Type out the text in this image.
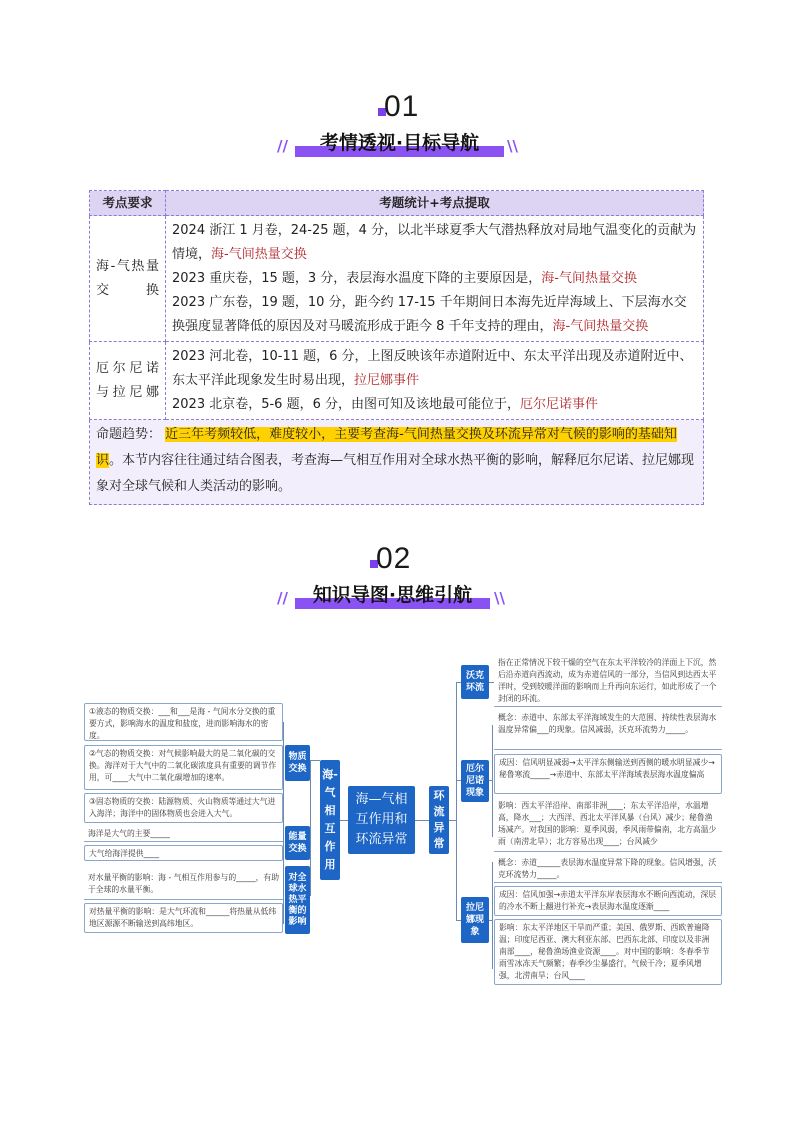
01
//	考情透视·目标导航	\\
考点要求	考题统计+考点提取
海-气热量交换	2024 浙江 1 月卷，24-25 题，4 分，以北半球夏季大气潜热释放对局地气温变化的贡献为情境，海-气间热量交换
2023 重庆卷，15 题，3 分，表层海水温度下降的主要原因是，海-气间热量交换
2023 广东卷，19 题，10 分，距今约 17-15 千年期间日本海先近岸海域上、下层海水交换强度显著降低的原因及对马暖流形成于距今 8 千年支持的理由，海-气间热量交换
厄尔尼诺与拉尼娜	2023 河北卷，10-11 题，6 分，上图反映该年赤道附近中、东太平洋出现及赤道附近中、东太平洋此现象发生时易出现，拉尼娜事件
2023 北京卷，5-6 题，6 分，由图可知及该地最可能位于，厄尔尼诺事件
命题趋势： 近三年考频较低，难度较小，主要考查海-气间热量交换及环流异常对气候的影响的基础知识。本节内容往往通过结合图表，考查海—气相互作用对全球水热平衡的影响，解释厄尔尼诺、拉尼娜现象对全球气候和人类活动的影响。	
02
//	知识导图·思维引航	\\
①液态的物质交换：___和___是海 - 气间水分交换的重要方式，影响海水的温度和盐度，进而影响海水的密度。
②气态的物质交换：对气候影响最大的是二氧化碳的交换。海洋对于大气中的二氧化碳浓度具有重要的调节作用，可____大气中二氧化碳增加的速率。
③固态物质的交换：陆源物质、火山物质等通过大气进入海洋；海洋中的固体物质也会进入大气。
海洋是大气的主要_____
大气给海洋提供____
对水量平衡的影响：海 - 气相互作用参与的_____，有助于全球的水量平衡。
对热量平衡的影响：是大气环流和______将热量从低纬地区源源不断输送到高纬地区。
物质交换
能量交换
对全球水热平衡的影响
海-气相互作用
海—气相互作用和环流异常
环流异常
沃克环流
厄尔尼诺现象
拉尼娜现象
指在正常情况下较干燥的空气在东太平洋较冷的洋面上下沉，然后沿赤道向西流动，成为赤道信风的一部分，当信风到达西太平洋时，受到较暖洋面的影响而上升再向东运行，如此形成了一个封闭的环流。
概念：赤道中、东部太平洋海域发生的大范围、持续性表层海水温度异常偏___的现象。信风减弱，沃克环流势力_____。
成因：信风明显减弱→太平洋东侧输送到西侧的暖水明显减少→秘鲁寒流_____→赤道中、东部太平洋海域表层海水温度偏高
影响：西太平洋沿岸、南部非洲____；东太平洋沿岸，水温增高，降水___；大西洋、西北太平洋风暴（台风）减少；秘鲁渔场减产。对我国的影响：夏季风弱，季风雨带偏南，北方高温少雨（南涝北旱）；北方容易出现____；台风减少
概念：赤道______表层海水温度异常下降的现象。信风增强，沃克环流势力_____。
成因：信风加强→赤道太平洋东岸表层海水不断向西流动，深层的冷水不断上翻进行补充→表层海水温度逐渐____
影响：东太平洋地区干旱而严重；美国、俄罗斯、西欧普遍降温；印度尼西亚、澳大利亚东部、巴西东北部、印度以及非洲南部____，秘鲁渔场渔业资源____。对中国的影响：冬春季节雨雪冰冻天气频繁；春季沙尘暴盛行，气候干冷；夏季风增强，北涝南旱；台风____
